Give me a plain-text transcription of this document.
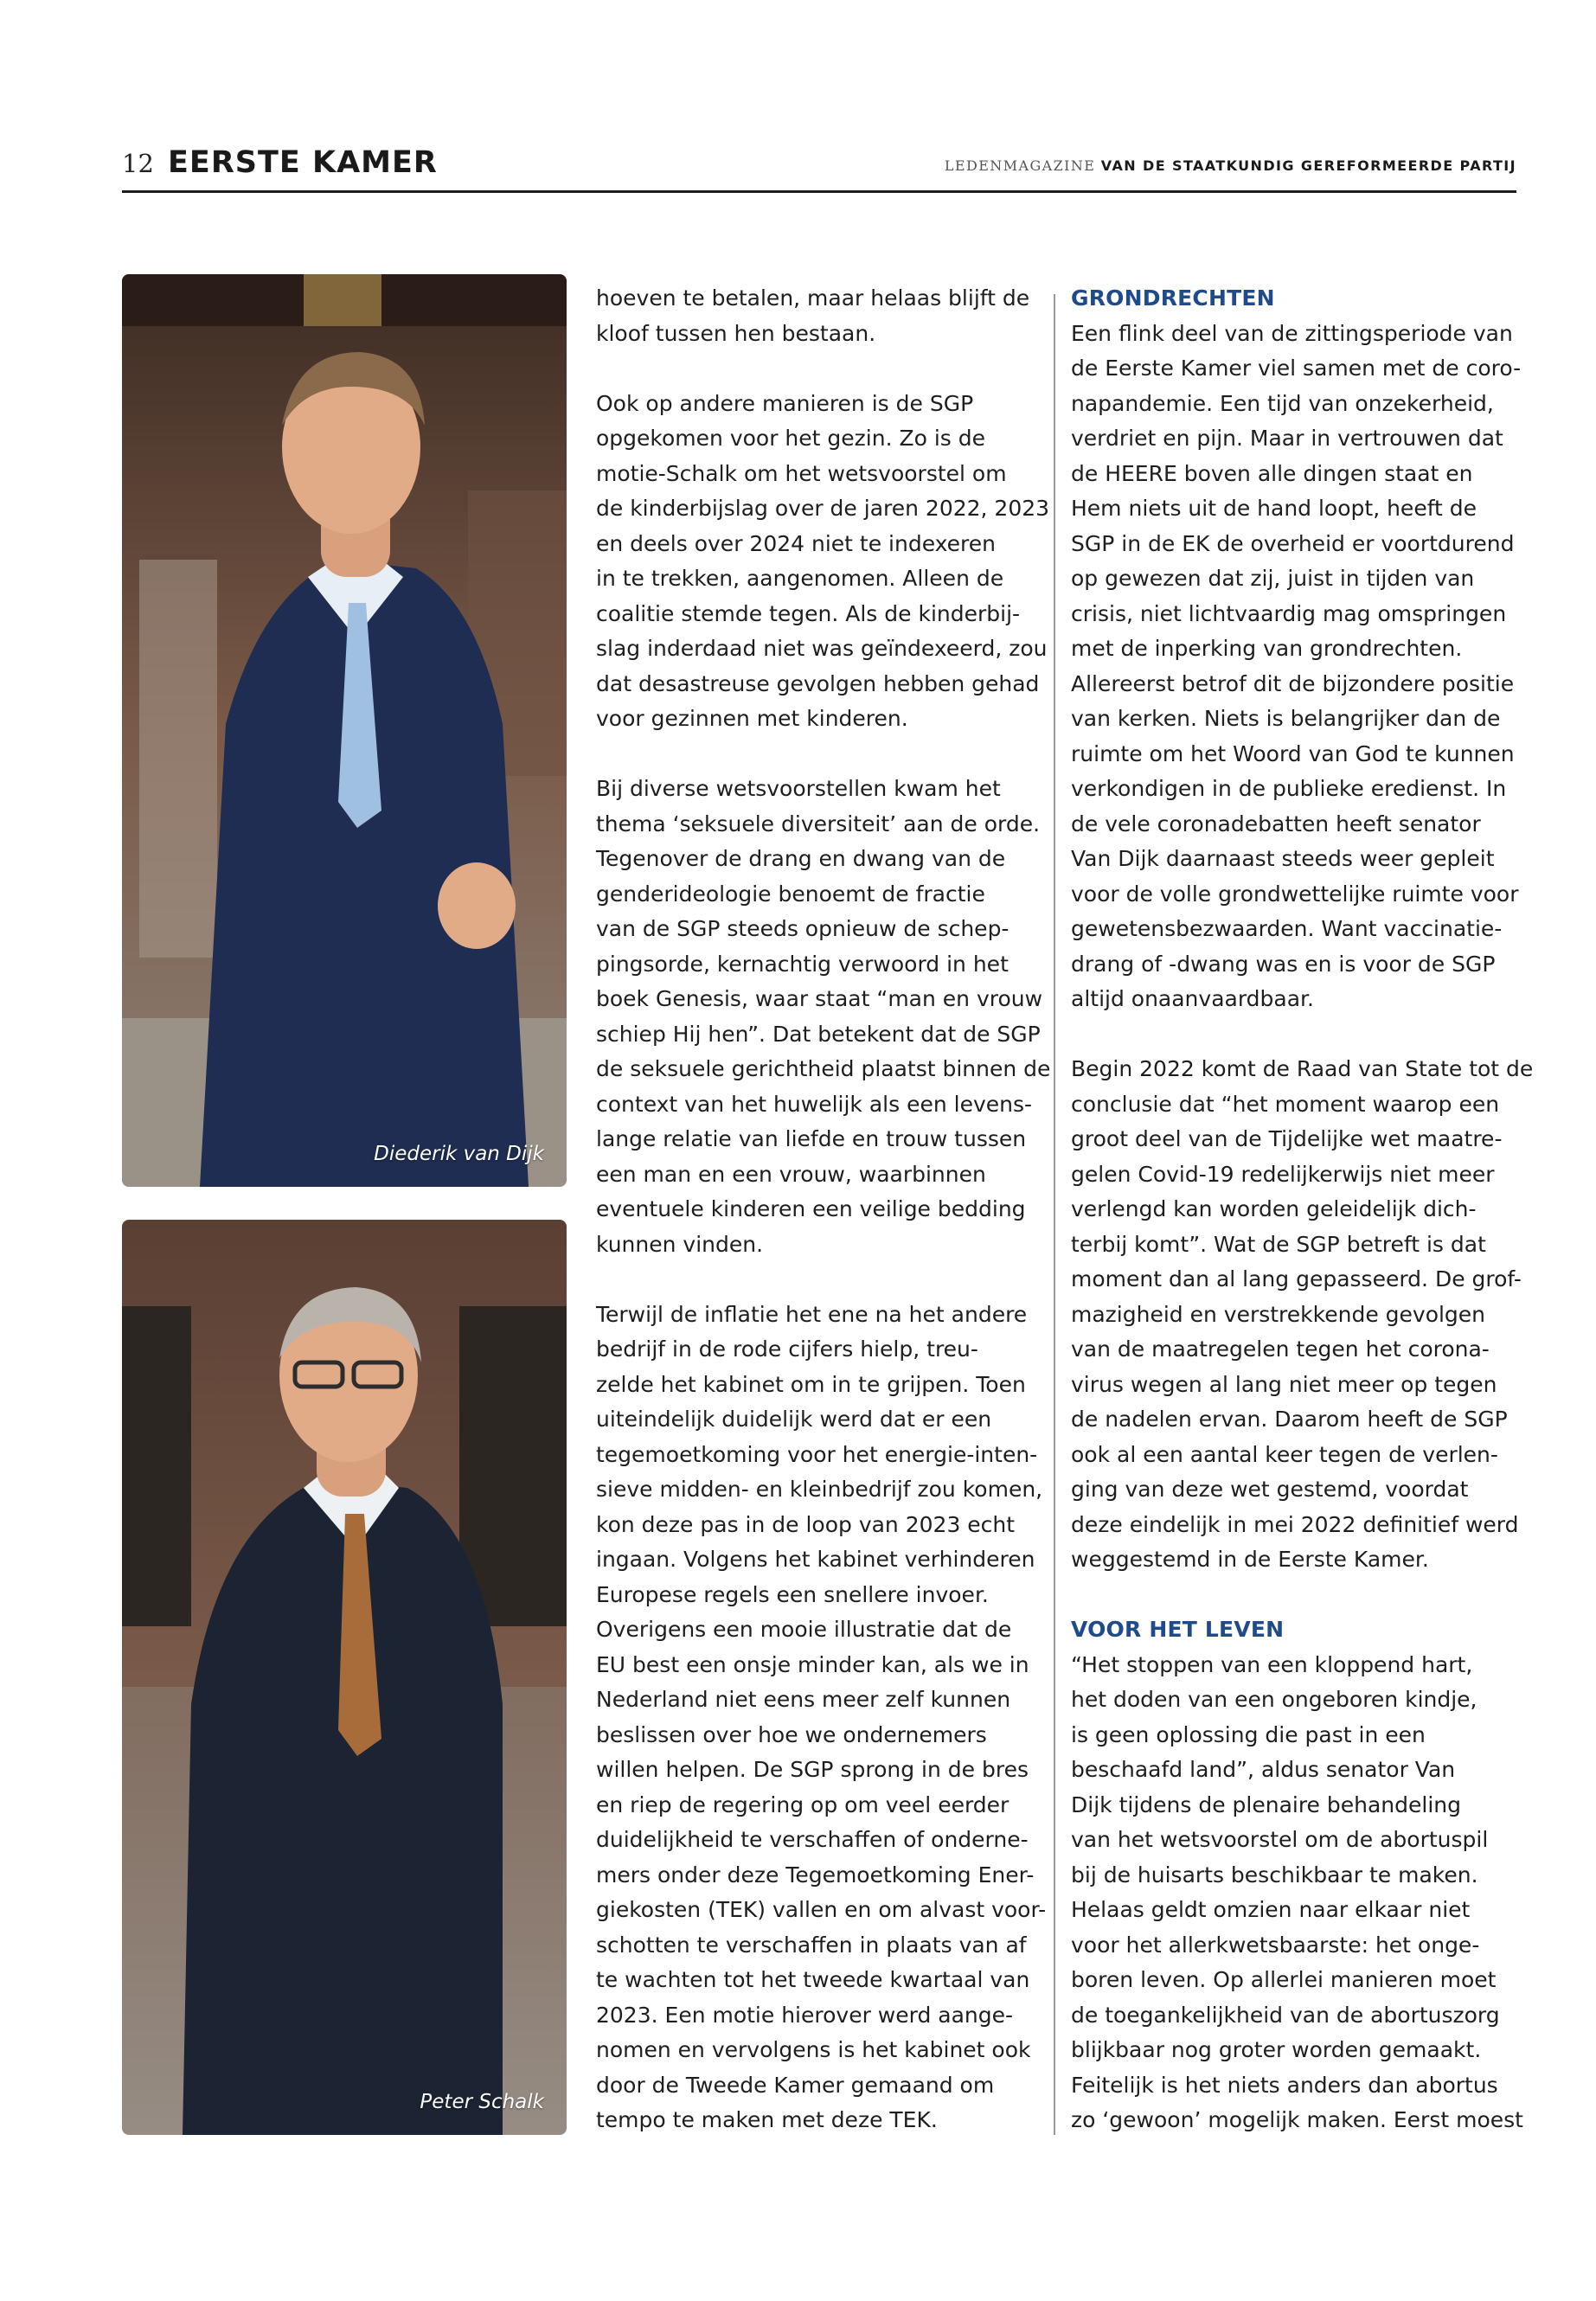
12 EERSTE KAMER	LEDENMAGAZINE VAN DE STAATKUNDIG GEREFORMEERDE PARTIJ
Diederik van Dijk
Peter Schalk

hoeven te betalen, maar helaas blijft de
kloof tussen hen bestaan.

Ook op andere manieren is de SGP
opgekomen voor het gezin. Zo is de
motie-Schalk om het wetsvoorstel om
de kinderbijslag over de jaren 2022, 2023
en deels over 2024 niet te indexeren
in te trekken, aangenomen. Alleen de
coalitie stemde tegen. Als de kinderbij-
slag inderdaad niet was geïndexeerd, zou
dat desastreuse gevolgen hebben gehad
voor gezinnen met kinderen.

Bij diverse wetsvoorstellen kwam het
thema ‘seksuele diversiteit’ aan de orde.
Tegenover de drang en dwang van de
genderideologie benoemt de fractie
van de SGP steeds opnieuw de schep-
pingsorde, kernachtig verwoord in het
boek Genesis, waar staat “man en vrouw
schiep Hij hen”. Dat betekent dat de SGP
de seksuele gerichtheid plaatst binnen de
context van het huwelijk als een levens-
lange relatie van liefde en trouw tussen
een man en een vrouw, waarbinnen
eventuele kinderen een veilige bedding
kunnen vinden.

Terwijl de inflatie het ene na het andere
bedrijf in de rode cijfers hielp, treu-
zelde het kabinet om in te grijpen. Toen
uiteindelijk duidelijk werd dat er een
tegemoetkoming voor het energie-inten-
sieve midden- en kleinbedrijf zou komen,
kon deze pas in de loop van 2023 echt
ingaan. Volgens het kabinet verhinderen
Europese regels een snellere invoer.
Overigens een mooie illustratie dat de
EU best een onsje minder kan, als we in
Nederland niet eens meer zelf kunnen
beslissen over hoe we ondernemers
willen helpen. De SGP sprong in de bres
en riep de regering op om veel eerder
duidelijkheid te verschaffen of onderne-
mers onder deze Tegemoetkoming Ener-
giekosten (TEK) vallen en om alvast voor-
schotten te verschaffen in plaats van af
te wachten tot het tweede kwartaal van
2023. Een motie hierover werd aange-
nomen en vervolgens is het kabinet ook
door de Tweede Kamer gemaand om
tempo te maken met deze TEK.

GRONDRECHTEN

Een flink deel van de zittingsperiode van
de Eerste Kamer viel samen met de coro-
napandemie. Een tijd van onzekerheid,
verdriet en pijn. Maar in vertrouwen dat
de HEERE boven alle dingen staat en
Hem niets uit de hand loopt, heeft de
SGP in de EK de overheid er voortdurend
op gewezen dat zij, juist in tijden van
crisis, niet lichtvaardig mag omspringen
met de inperking van grondrechten.
Allereerst betrof dit de bijzondere positie
van kerken. Niets is belangrijker dan de
ruimte om het Woord van God te kunnen
verkondigen in de publieke eredienst. In
de vele coronadebatten heeft senator
Van Dijk daarnaast steeds weer gepleit
voor de volle grondwettelijke ruimte voor
gewetensbezwaarden. Want vaccinatie-
drang of -dwang was en is voor de SGP
altijd onaanvaardbaar.

Begin 2022 komt de Raad van State tot de
conclusie dat “het moment waarop een
groot deel van de Tijdelijke wet maatre-
gelen Covid-19 redelijkerwijs niet meer
verlengd kan worden geleidelijk dich-
terbij komt”. Wat de SGP betreft is dat
moment dan al lang gepasseerd. De grof-
mazigheid en verstrekkende gevolgen
van de maatregelen tegen het corona-
virus wegen al lang niet meer op tegen
de nadelen ervan. Daarom heeft de SGP
ook al een aantal keer tegen de verlen-
ging van deze wet gestemd, voordat
deze eindelijk in mei 2022 definitief werd
weggestemd in de Eerste Kamer.

VOOR HET LEVEN

“Het stoppen van een kloppend hart,
het doden van een ongeboren kindje,
is geen oplossing die past in een
beschaafd land”, aldus senator Van
Dijk tijdens de plenaire behandeling
van het wetsvoorstel om de abortuspil
bij de huisarts beschikbaar te maken.
Helaas geldt omzien naar elkaar niet
voor het allerkwetsbaarste: het onge-
boren leven. Op allerlei manieren moet
de toegankelijkheid van de abortuszorg
blijkbaar nog groter worden gemaakt.
Feitelijk is het niets anders dan abortus
zo ‘gewoon’ mogelijk maken. Eerst moest
